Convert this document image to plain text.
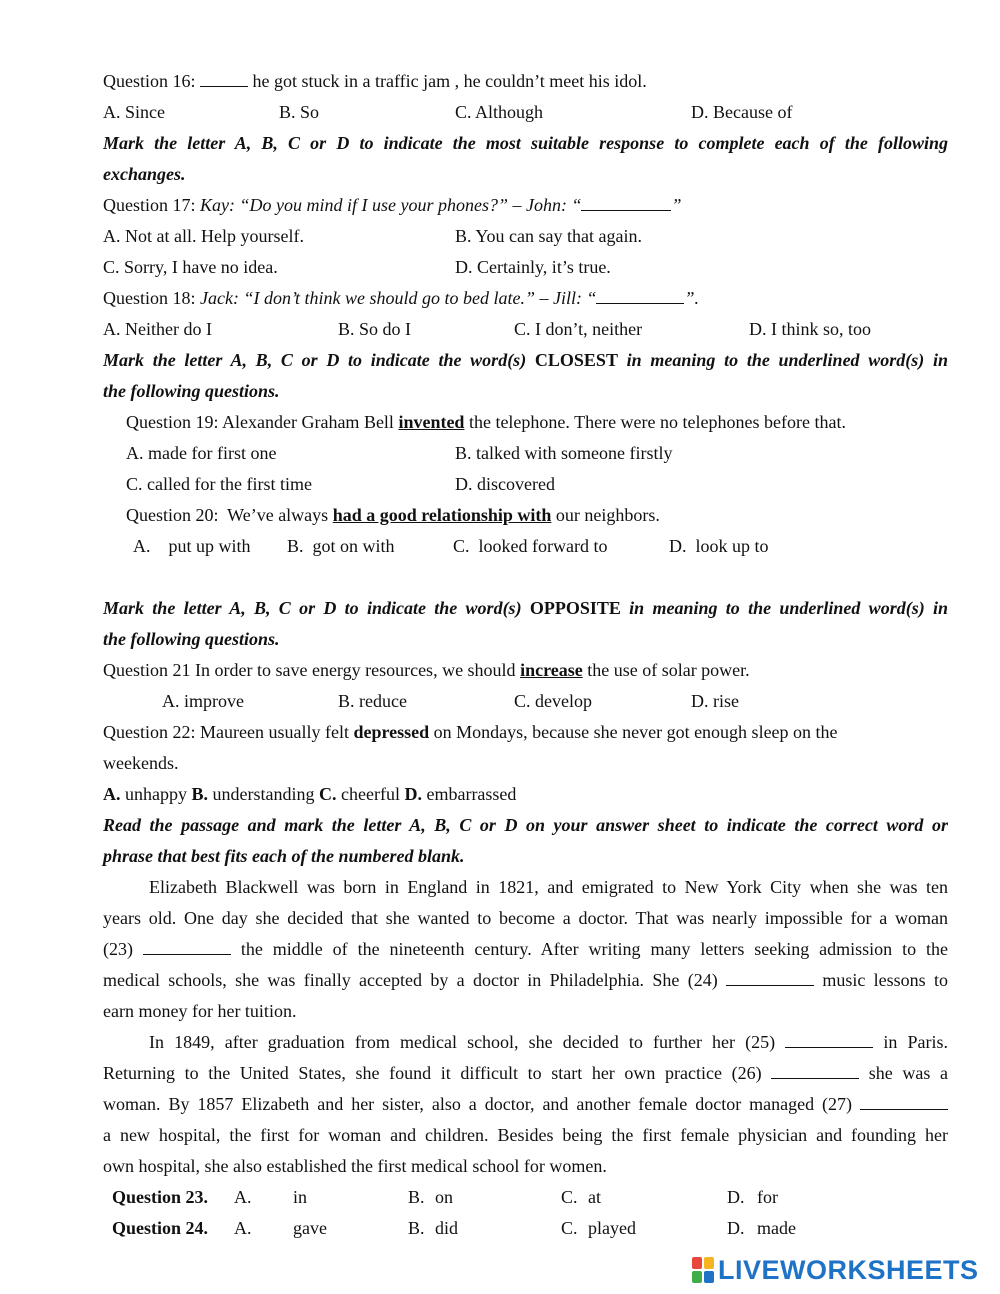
Question 16:	he got stuck in a traffic jam , he couldn’t meet his idol.
A. Since	B. So	C. Although	D. Because of
Mark the letter A, B, C or D to indicate the most suitable response to complete each of the following
exchanges.
Question 17: Kay: “Do you mind if I use your phones?” – John: “	”
A. Not at all. Help yourself.	B. You can say that again.
C. Sorry, I have no idea.	D. Certainly, it’s true.
Question 18: Jack: “I don’t think we should go to bed late.” – Jill: “	”.
A. Neither do I	B. So do I	C. I don’t, neither	D. I think so, too
Mark the letter A, B, C or D to indicate the word(s) CLOSEST in meaning to the underlined word(s) in
the following questions.
Question 19: Alexander Graham Bell invented the telephone. There were no telephones before that.
A. made for first one	B. talked with someone firstly
C. called for the first time	D. discovered
Question 20:  We’ve always had a good relationship with our neighbors.
A.    put up with B.  got on with	C.  looked forward to	D.  look up to
Mark the letter A, B, C or D to indicate the word(s) OPPOSITE in meaning to the underlined word(s) in
the following questions.
Question 21 In order to save energy resources, we should increase the use of solar power.
A. improve	B. reduce	C. develop	D. rise
Question 22: Maureen usually felt depressed on Mondays, because she never got enough sleep on the
weekends.
A. unhappy B. understanding C. cheerful D. embarrassed
Read the passage and mark the letter A, B, C or D on your answer sheet to indicate the correct word or
phrase that best fits each of the numbered blank.
Elizabeth Blackwell was born in England in 1821, and emigrated to New York City when she was ten
years old. One day she decided that she wanted to become a doctor. That was nearly impossible for a woman
(23)	the middle of the nineteenth century. After writing many letters seeking admission to the
medical schools, she was finally accepted by a doctor in Philadelphia. She (24)	music lessons to
earn money for her tuition.
In 1849, after graduation from medical school, she decided to further her (25)	in Paris.
Returning to the United States, she found it difficult to start her own practice (26)	she was a
woman. By 1857 Elizabeth and her sister, also a doctor, and another female doctor managed (27)
a new hospital, the first for woman and children. Besides being the first female physician and founding her
own hospital, she also established the first medical school for women.
Question 23. A. in	B. on	C. at	D. for
Question 24. A. gave	B. did	C. played	D. made
LIVEWORKSHEETS
